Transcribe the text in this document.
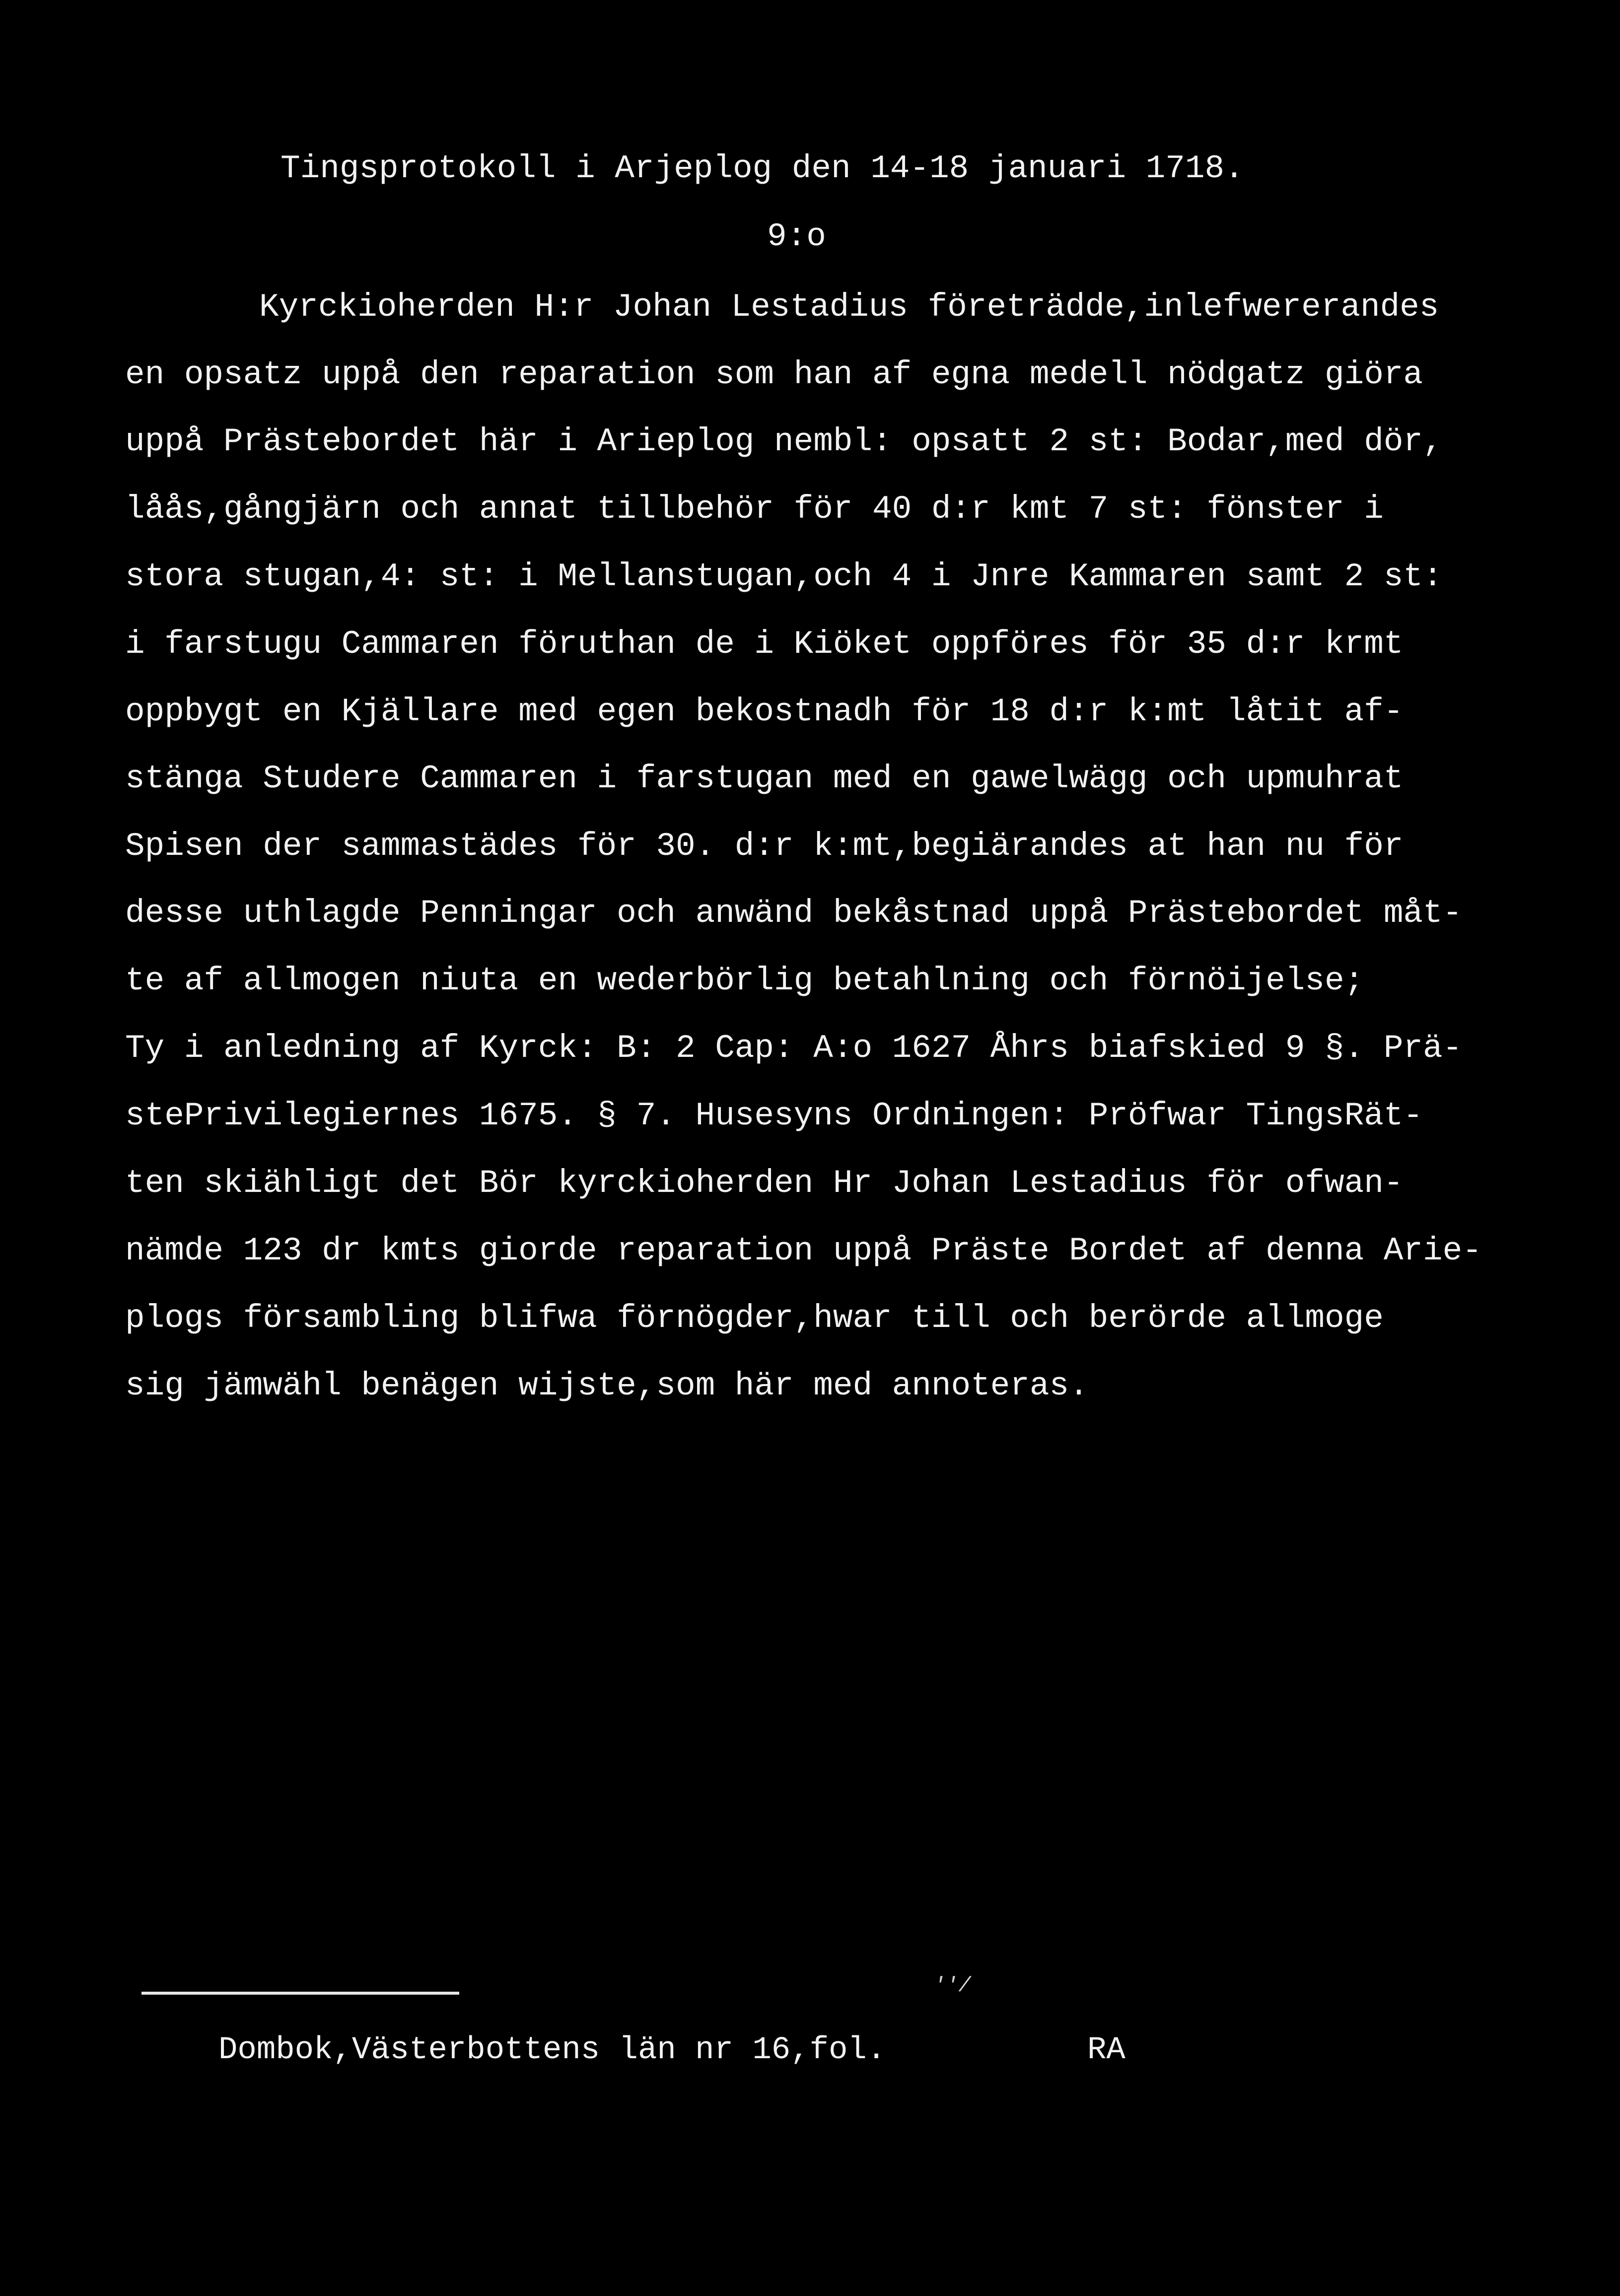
Tingsprotokoll i Arjeplog den 14-18 januari 1718.
9:o
Kyrckioherden H:r Johan Lestadius företrädde,inlefwererandes
en opsatz uppå den reparation som han af egna medell nödgatz giöra
uppå Prästebordet här i Arieplog nembl: opsatt 2 st: Bodar,med dör,
låås,gångjärn och annat tillbehör för 40 d:r kmt 7 st: fönster i
stora stugan,4: st: i Mellanstugan,och 4 i Jnre Kammaren samt 2 st:
i farstugu Cammaren föruthan de i Kiöket oppföres för 35 d:r krmt
oppbygt en Kjällare med egen bekostnadh för 18 d:r k:mt låtit af-
stänga Studere Cammaren i farstugan med en gawelwägg och upmuhrat
Spisen der sammastädes för 30. d:r k:mt,begiärandes at han nu för
desse uthlagde Penningar och anwänd bekåstnad uppå Prästebordet måt-
te af allmogen niuta en wederbörlig betahlning och förnöijelse;
Ty i anledning af Kyrck: B: 2 Cap: A:o 1627 Åhrs biafskied 9 §. Prä-
stePrivilegiernes 1675. § 7. Husesyns Ordningen: Pröfwar TingsRät-
ten skiähligt det Bör kyrckioherden Hr Johan Lestadius för ofwan-
nämde 123 dr kmts giorde reparation uppå Präste Bordet af denna Arie-
plogs försambling blifwa förnögder,hwar till och berörde allmoge
sig jämwähl benägen wijste,som här med annoteras.
''/
Dombok,Västerbottens län nr 16,fol.	RA
